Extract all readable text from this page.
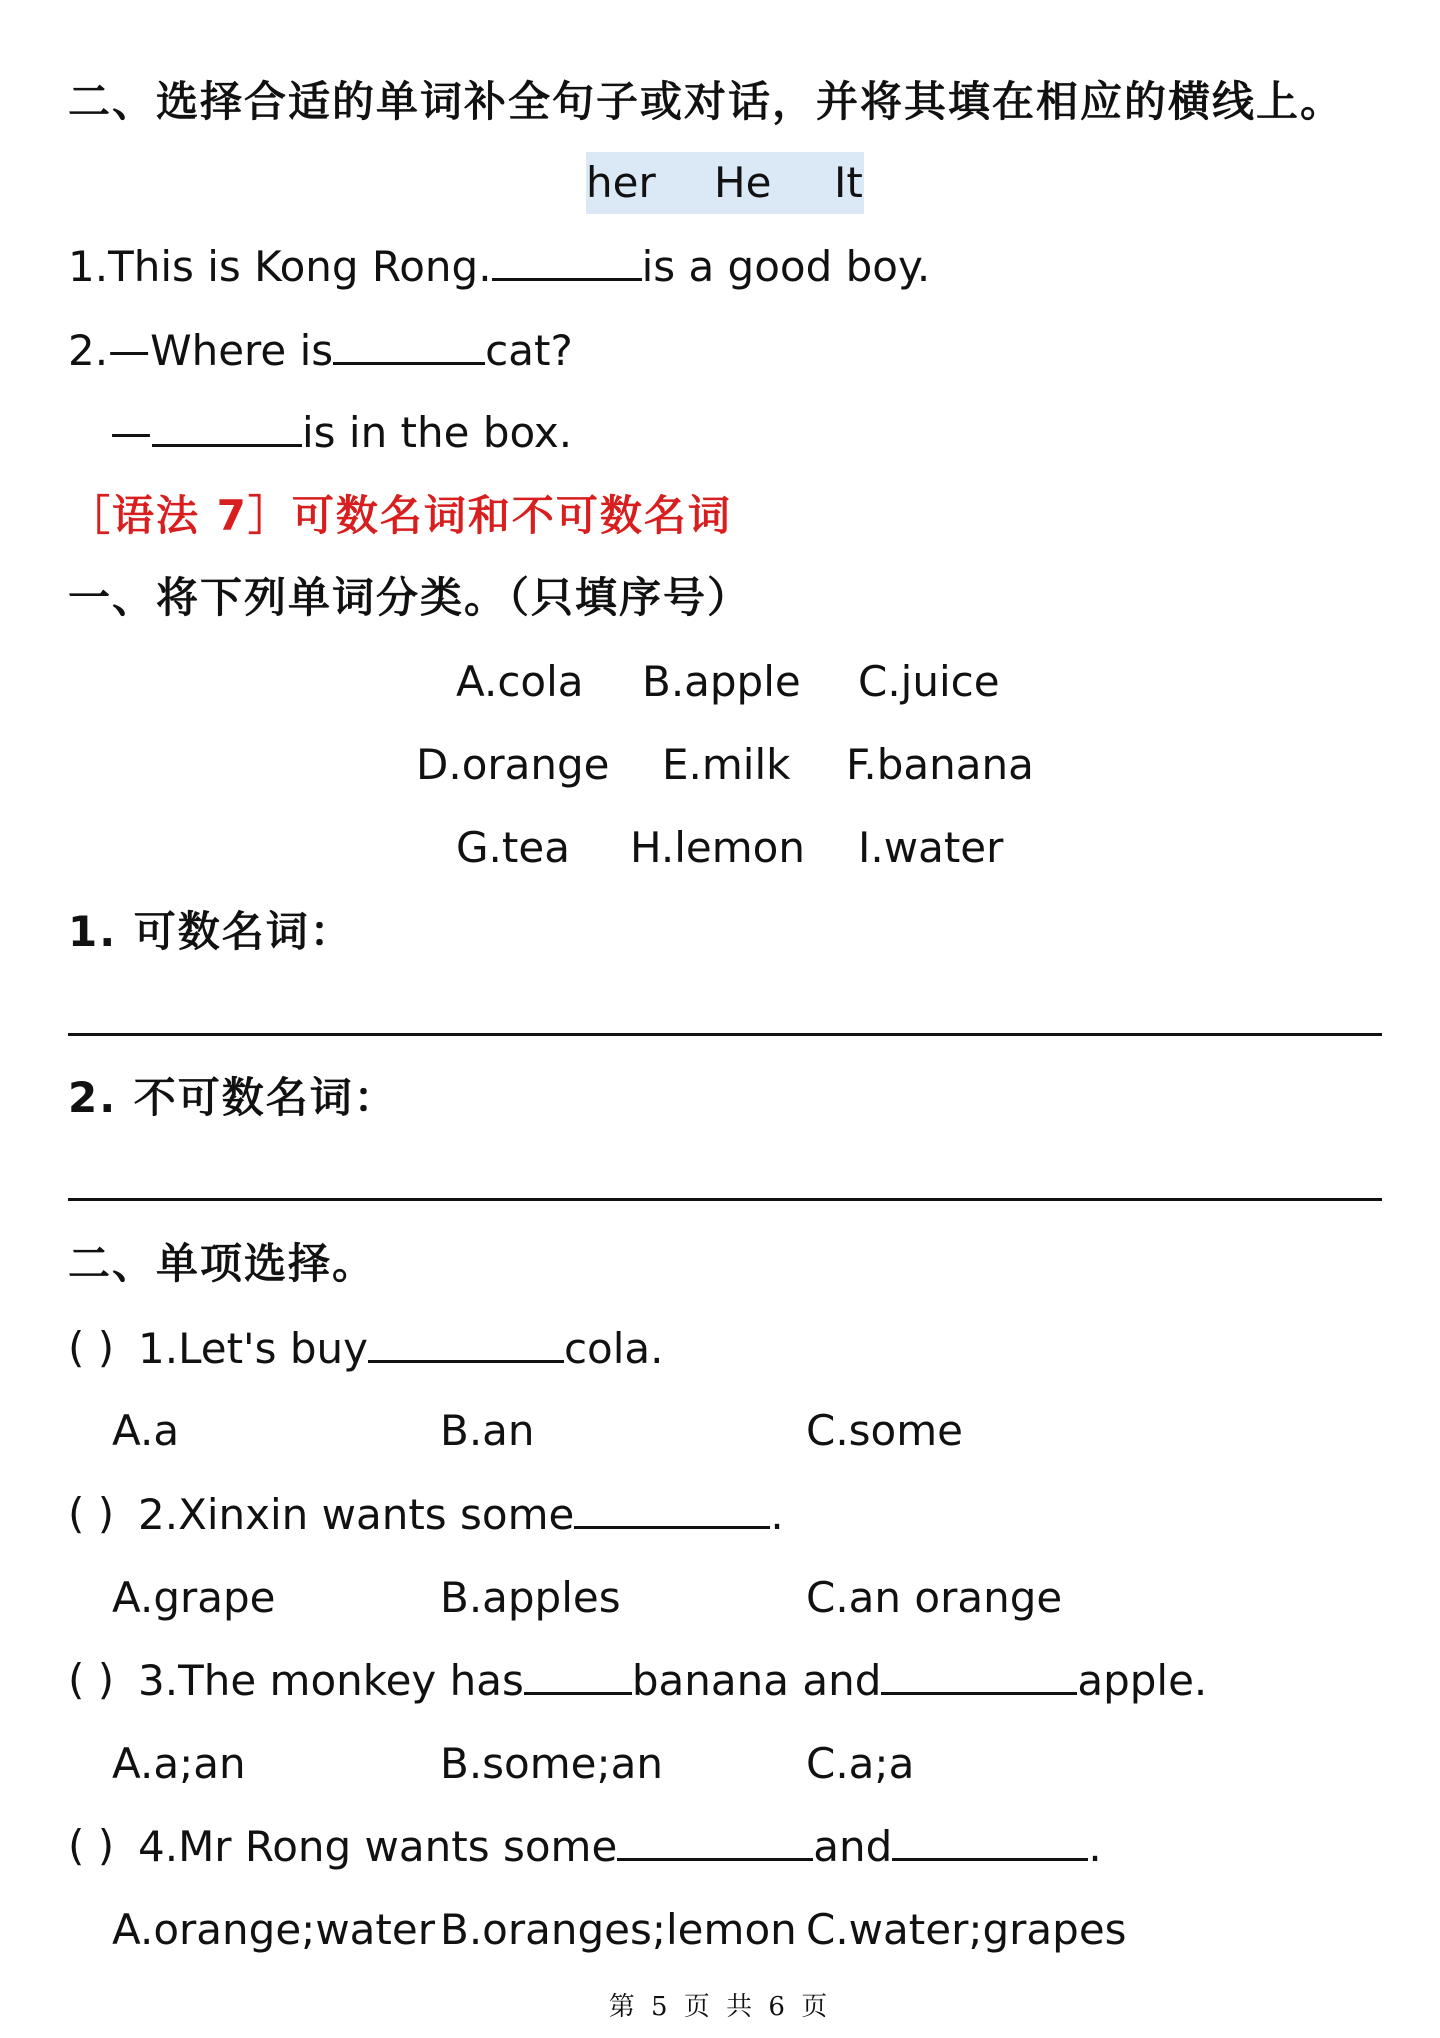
二、选择合适的单词补全句子或对话，并将其填在相应的横线上。
her He It
1.This is Kong Rong.	is a good boy.
2.—Where is	cat?
—	is in the box.
［语法 7］可数名词和不可数名词
一、将下列单词分类。（只填序号）
A.cola B.apple C.juice
D.orange E.milk F.banana
G.tea H.lemon I.water
1. 可数名词：
2. 不可数名词：
二、单项选择。
( ) 1.Let's buy	cola.
A.a	B.an	C.some
( ) 2.Xinxin wants some	.
A.grape	B.apples	C.an orange
( ) 3.The monkey has	banana and	apple.
A.a;an	B.some;an	C.a;a
( ) 4.Mr Rong wants some	and	.
A.orange;water B.oranges;lemon C.water;grapes
第 5 页 共 6 页
